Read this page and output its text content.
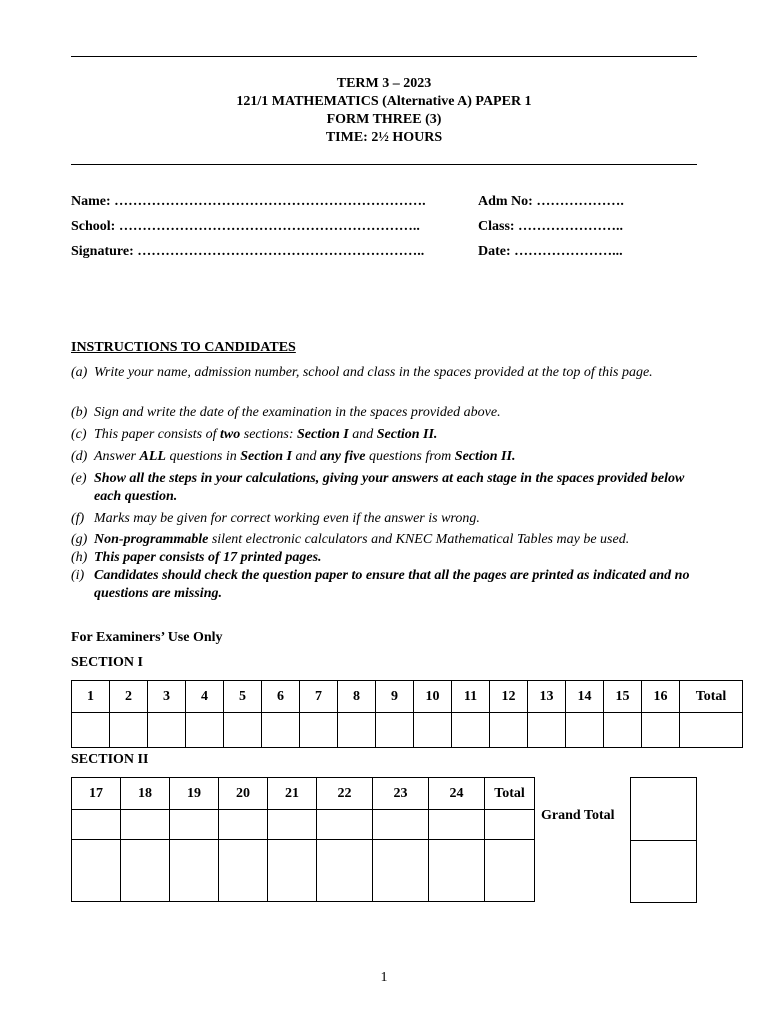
TERM 3 – 2023
121/1 MATHEMATICS (Alternative A) PAPER 1
FORM THREE (3)
TIME: 2½ HOURS
Name: ………………………………………………………….	Adm No: ……………….
School: ………………………………………………………..	Class: …………………..
Signature: ……………………………………………………..	Date: …………………...
INSTRUCTIONS TO CANDIDATES
(a) Write your name, admission number, school and class in the spaces provided at the top of this page.
(b) Sign and write the date of the examination in the spaces provided above.
(c) This paper consists of two sections: Section I and Section II.
(d) Answer ALL questions in Section I and any five questions from Section II.
(e) Show all the steps in your calculations, giving your answers at each stage in the spaces provided below each question.
(f) Marks may be given for correct working even if the answer is wrong.
(g) Non-programmable silent electronic calculators and KNEC Mathematical Tables may be used.
(h) This paper consists of 17 printed pages.
(i) Candidates should check the question paper to ensure that all the pages are printed as indicated and no questions are missing.
For Examiners’ Use Only
SECTION I
1	2	3	4	5	6	7	8	9	10	11	12	13	14	15	16	Total

SECTION II
17	18	19	20	21	22	23	24	Total

Grand Total

1
